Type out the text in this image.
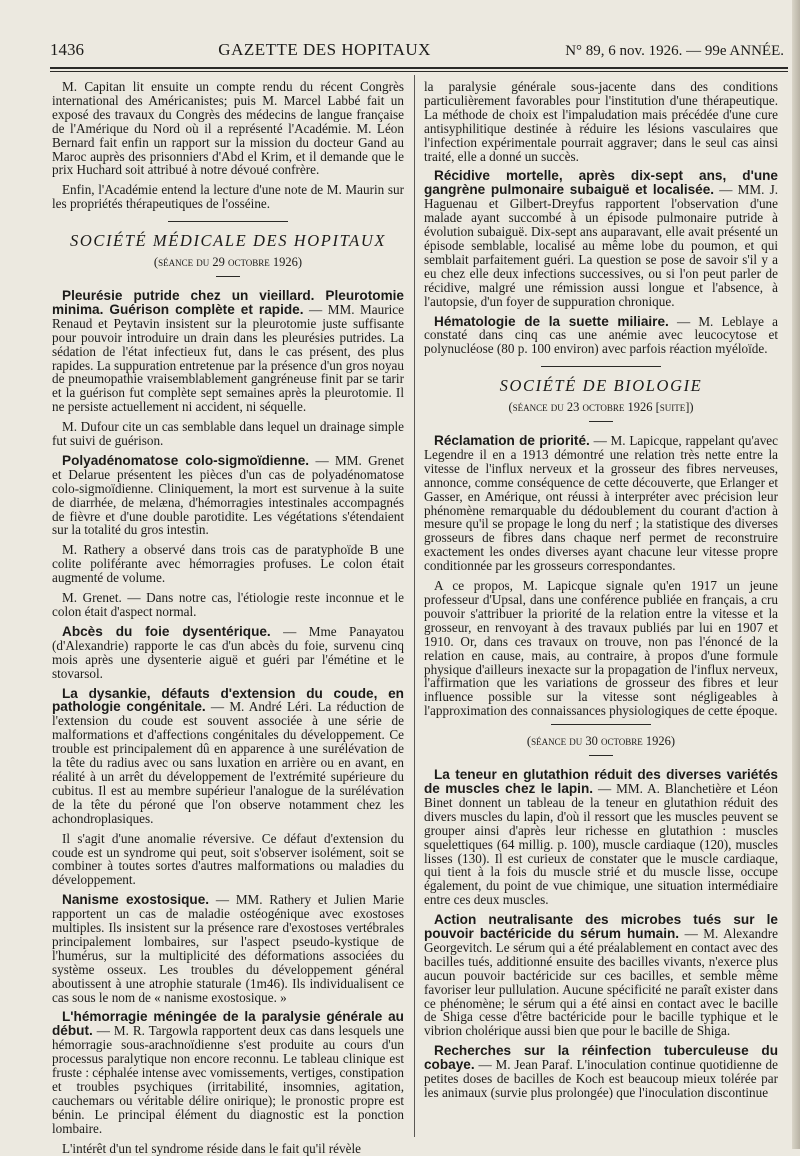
1436	GAZETTE DES HOPITAUX	N° 89, 6 nov. 1926. — 99e ANNÉE.

M. Capitan lit ensuite un compte rendu du récent Congrès international des Américanistes; puis M. Marcel Labbé fait un exposé des travaux du Congrès des médecins de langue française de l'Amérique du Nord où il a représenté l'Académie. M. Léon Bernard fait enfin un rapport sur la mission du docteur Gand au Maroc auprès des prisonniers d'Abd el Krim, et il demande que le prix Huchard soit attribué à notre dévoué confrère.

Enfin, l'Académie entend la lecture d'une note de M. Maurin sur les propriétés thérapeutiques de l'osséine.

SOCIÉTÉ MÉDICALE DES HOPITAUX
(séance du 29 octobre 1926)

Pleurésie putride chez un vieillard. Pleurotomie minima. Guérison complète et rapide. — MM. Maurice Renaud et Peytavin insistent sur la pleurotomie juste suffisante pour pouvoir introduire un drain dans les pleurésies putrides. La sédation de l'état infectieux fut, dans le cas présent, des plus rapides. La suppuration entretenue par la présence d'un gros noyau de pneumopathie vraisemblablement gangréneuse finit par se tarir et la guérison fut complète sept semaines après la pleurotomie. Il ne persiste actuellement ni accident, ni séquelle.

M. Dufour cite un cas semblable dans lequel un drainage simple fut suivi de guérison.

Polyadénomatose colo-sigmoïdienne. — MM. Grenet et Delarue présentent les pièces d'un cas de polyadénomatose colo-sigmoïdienne. Cliniquement, la mort est survenue à la suite de diarrhée, de melæna, d'hémorragies intestinales accompagnés de fièvre et d'une double parotidite. Les végétations s'étendaient sur la totalité du gros intestin.

M. Rathery a observé dans trois cas de paratyphoïde B une colite poliférante avec hémorragies profuses. Le colon était augmenté de volume.

M. Grenet. — Dans notre cas, l'étiologie reste inconnue et le colon était d'aspect normal.

Abcès du foie dysentérique. — Mme Panayatou (d'Alexandrie) rapporte le cas d'un abcès du foie, survenu cinq mois après une dysenterie aiguë et guéri par l'émétine et le stovarsol.

La dysankie, défauts d'extension du coude, en pathologie congénitale. — M. André Léri. La réduction de l'extension du coude est souvent associée à une série de malformations et d'affections congénitales du développement. Ce trouble est principalement dû en apparence à une surélévation de la tête du radius avec ou sans luxation en arrière ou en avant, en réalité à un arrêt du développement de l'extrémité supérieure du cubitus. Il est au membre supérieur l'analogue de la surélévation de la tête du péroné que l'on observe notamment chez les achondroplasiques.

Il s'agit d'une anomalie réversive. Ce défaut d'extension du coude est un syndrome qui peut, soit s'observer isolément, soit se combiner à toutes sortes d'autres malformations ou maladies du développement.

Nanisme exostosique. — MM. Rathery et Julien Marie rapportent un cas de maladie ostéogénique avec exostoses multiples. Ils insistent sur la présence rare d'exostoses vertébrales principalement lombaires, sur l'aspect pseudo-kystique de l'humérus, sur la multiplicité des déformations associées du système osseux. Les troubles du développement général aboutissent à une atrophie staturale (1m46). Ils individualisent ce cas sous le nom de « nanisme exostosique. »

L'hémorragie méningée de la paralysie générale au début. — M. R. Targowla rapportent deux cas dans lesquels une hémorragie sous-arachnoïdienne s'est produite au cours d'un processus paralytique non encore reconnu. Le tableau clinique est fruste : céphalée intense avec vomissements, vertiges, constipation et troubles psychiques (irritabilité, insomnies, agitation, cauchemars ou véritable délire onirique); le pronostic propre est bénin. Le principal élément du diagnostic est la ponction lombaire.

L'intérêt d'un tel syndrome réside dans le fait qu'il révèle

la paralysie générale sous-jacente dans des conditions particulièrement favorables pour l'institution d'une thérapeutique. La méthode de choix est l'impaludation mais précédée d'une cure antisyphilitique destinée à réduire les lésions vasculaires que l'infection expérimentale pourrait aggraver; dans le seul cas ainsi traité, elle a donné un succès.

Récidive mortelle, après dix-sept ans, d'une gangrène pulmonaire subaiguë et localisée. — MM. J. Haguenau et Gilbert-Dreyfus rapportent l'observation d'une malade ayant succombé à un épisode pulmonaire putride à évolution subaiguë. Dix-sept ans auparavant, elle avait présenté un épisode semblable, localisé au même lobe du poumon, et qui semblait parfaitement guéri. La question se pose de savoir s'il y a eu chez elle deux infections successives, ou si l'on peut parler de récidive, malgré une rémission aussi longue et l'absence, à l'autopsie, d'un foyer de suppuration chronique.

Hématologie de la suette miliaire. — M. Leblaye a constaté dans cinq cas une anémie avec leucocytose et polynucléose (80 p. 100 environ) avec parfois réaction myéloïde.

SOCIÉTÉ DE BIOLOGIE
(séance du 23 octobre 1926 [suite])

Réclamation de priorité. — M. Lapicque, rappelant qu'avec Legendre il en a 1913 démontré une relation très nette entre la vitesse de l'influx nerveux et la grosseur des fibres nerveuses, annonce, comme conséquence de cette découverte, que Erlanger et Gasser, en Amérique, ont réussi à interpréter avec précision leur phénomène remarquable du dédoublement du courant d'action à mesure qu'il se propage le long du nerf ; la statistique des diverses grosseurs de fibres dans chaque nerf permet de reconstruire exactement les ondes diverses ayant chacune leur vitesse propre conditionnée par les grosseurs correspondantes.

A ce propos, M. Lapicque signale qu'en 1917 un jeune professeur d'Upsal, dans une conférence publiée en français, a cru pouvoir s'attribuer la priorité de la relation entre la vitesse et la grosseur, en renvoyant à des travaux publiés par lui en 1907 et 1910. Or, dans ces travaux on trouve, non pas l'énoncé de la relation en cause, mais, au contraire, à propos d'une formule physique d'ailleurs inexacte sur la propagation de l'influx nerveux, l'affirmation que les variations de grosseur des fibres et leur influence possible sur la vitesse sont négligeables à l'approximation des connaissances physiologiques de cette époque.

(séance du 30 octobre 1926)

La teneur en glutathion réduit des diverses variétés de muscles chez le lapin. — MM. A. Blanchetière et Léon Binet donnent un tableau de la teneur en glutathion réduit des divers muscles du lapin, d'où il ressort que les muscles peuvent se grouper ainsi d'après leur richesse en glutathion : muscles squelettiques (64 millig. p. 100), muscle cardiaque (120), muscles lisses (130). Il est curieux de constater que le muscle cardiaque, qui tient à la fois du muscle strié et du muscle lisse, occupe également, du point de vue chimique, une situation intermédiaire entre ces deux muscles.

Action neutralisante des microbes tués sur le pouvoir bactéricide du sérum humain. — M. Alexandre Georgevitch. Le sérum qui a été préalablement en contact avec des bacilles tués, additionné ensuite des bacilles vivants, n'exerce plus aucun pouvoir bactéricide sur ces bacilles, et semble même favoriser leur pullulation. Aucune spécificité ne paraît exister dans ce phénomène; le sérum qui a été ainsi en contact avec le bacille de Shiga cesse d'être bactéricide pour le bacille typhique et le vibrion cholérique aussi bien que pour le bacille de Shiga.

Recherches sur la réinfection tuberculeuse du cobaye. — M. Jean Paraf. L'inoculation continue quotidienne de petites doses de bacilles de Koch est beaucoup mieux tolérée par les animaux (survie plus prolongée) que l'inoculation discontinue
